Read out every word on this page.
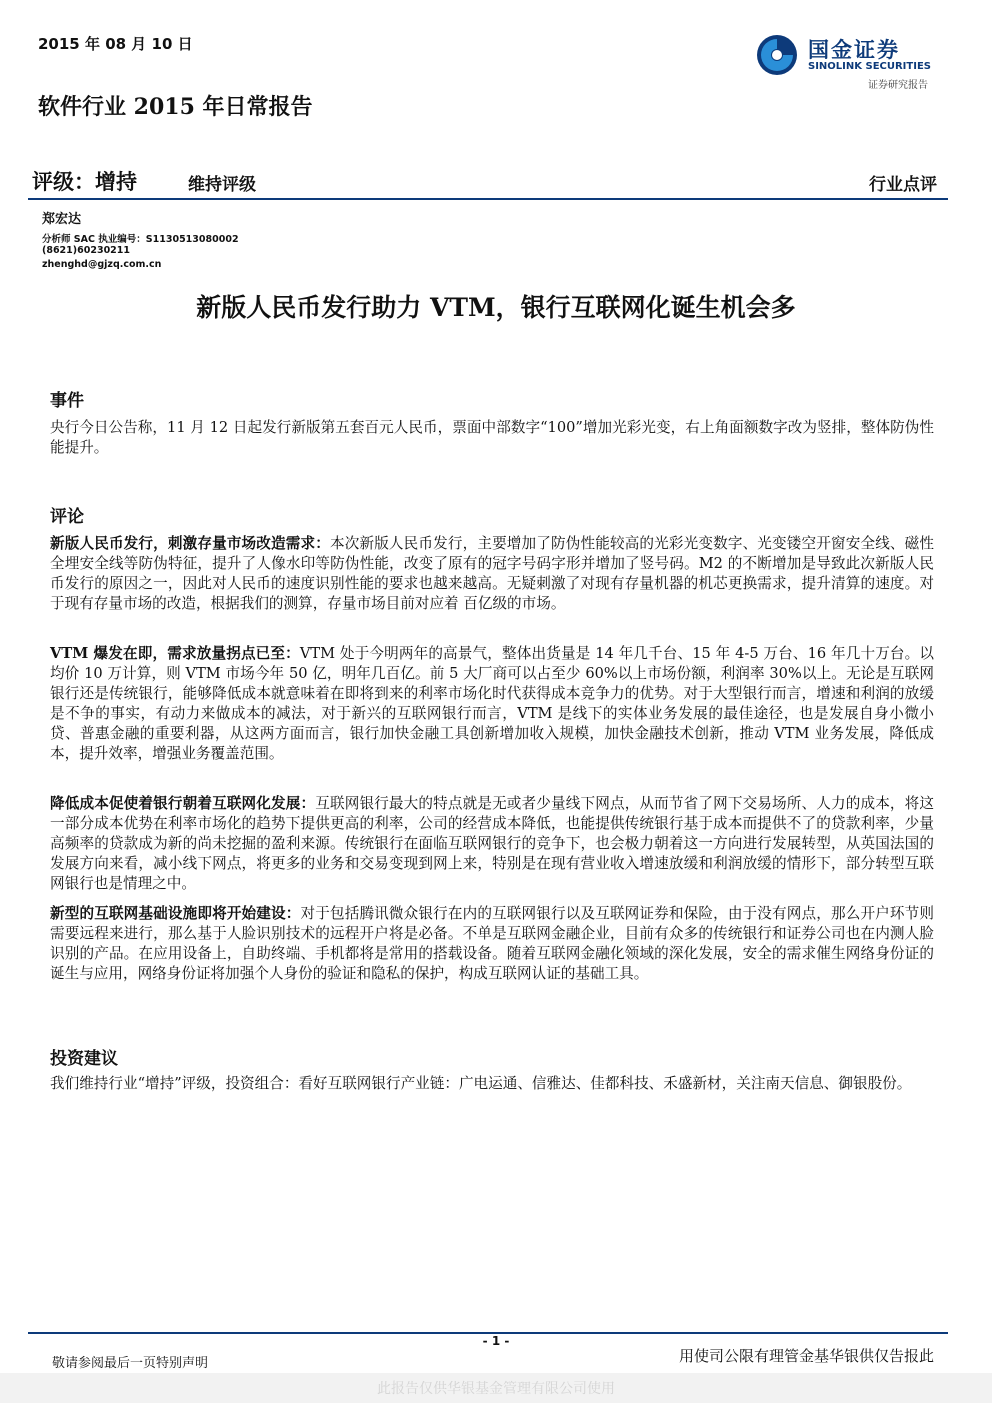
2015 年 08 月 10 日	国金证券
SINOLINK SECURITIES
证券研究报告
软件行业 2015 年日常报告
评级：增持	维持评级	行业点评
郑宏达
分析师 SAC 执业编号：S1130513080002
(8621)60230211
zhenghd@gjzq.com.cn
新版人民币发行助力 VTM，银行互联网化诞生机会多
事件

央行今日公告称，11 月 12 日起发行新版第五套百元人民币，票面中部数字“100”增加光彩光变，右上角面额数字改为竖排，整体防伪性能提升。

评论

新版人民币发行，刺激存量市场改造需求：本次新版人民币发行，主要增加了防伪性能较高的光彩光变数字、光变镂空开窗安全线、磁性全埋安全线等防伪特征，提升了人像水印等防伪性能，改变了原有的冠字号码字形并增加了竖号码。M2 的不断增加是导致此次新版人民币发行的原因之一，因此对人民币的速度识别性能的要求也越来越高。无疑刺激了对现有存量机器的机芯更换需求，提升清算的速度。对于现有存量市场的改造，根据我们的测算，存量市场目前对应着 百亿级的市场。

VTM 爆发在即，需求放量拐点已至：VTM 处于今明两年的高景气，整体出货量是 14 年几千台、15 年 4-5 万台、16 年几十万台。以均价 10 万计算，则 VTM 市场今年 50 亿，明年几百亿。前 5 大厂商可以占至少 60%以上市场份额，利润率 30%以上。无论是互联网银行还是传统银行，能够降低成本就意味着在即将到来的利率市场化时代获得成本竞争力的优势。对于大型银行而言，增速和利润的放缓是不争的事实，有动力来做成本的减法，对于新兴的互联网银行而言，VTM 是线下的实体业务发展的最佳途径，也是发展自身小微小贷、普惠金融的重要利器，从这两方面而言，银行加快金融工具创新增加收入规模，加快金融技术创新，推动 VTM 业务发展，降低成本，提升效率，增强业务覆盖范围。

降低成本促使着银行朝着互联网化发展：互联网银行最大的特点就是无或者少量线下网点，从而节省了网下交易场所、人力的成本，将这一部分成本优势在利率市场化的趋势下提供更高的利率，公司的经营成本降低，也能提供传统银行基于成本而提供不了的贷款利率，少量高频率的贷款成为新的尚未挖掘的盈利来源。传统银行在面临互联网银行的竞争下，也会极力朝着这一方向进行发展转型，从英国法国的发展方向来看，减小线下网点，将更多的业务和交易变现到网上来，特别是在现有营业收入增速放缓和利润放缓的情形下，部分转型互联网银行也是情理之中。

新型的互联网基础设施即将开始建设：对于包括腾讯微众银行在内的互联网银行以及互联网证券和保险，由于没有网点，那么开户环节则需要远程来进行，那么基于人脸识别技术的远程开户将是必备。不单是互联网金融企业，目前有众多的传统银行和证券公司也在内测人脸识别的产品。在应用设备上，自助终端、手机都将是常用的搭载设备。随着互联网金融化领域的深化发展，安全的需求催生网络身份证的诞生与应用，网络身份证将加强个人身份的验证和隐私的保护，构成互联网认证的基础工具。

投资建议

我们维持行业“增持”评级，投资组合：看好互联网银行产业链：广电运通、信雅达、佳都科技、禾盛新材，关注南天信息、御银股份。

- 1 -
敬请参阅最后一页特别声明	用使司公限有理管金基华银供仅告报此
此报告仅供华银基金管理有限公司使用
